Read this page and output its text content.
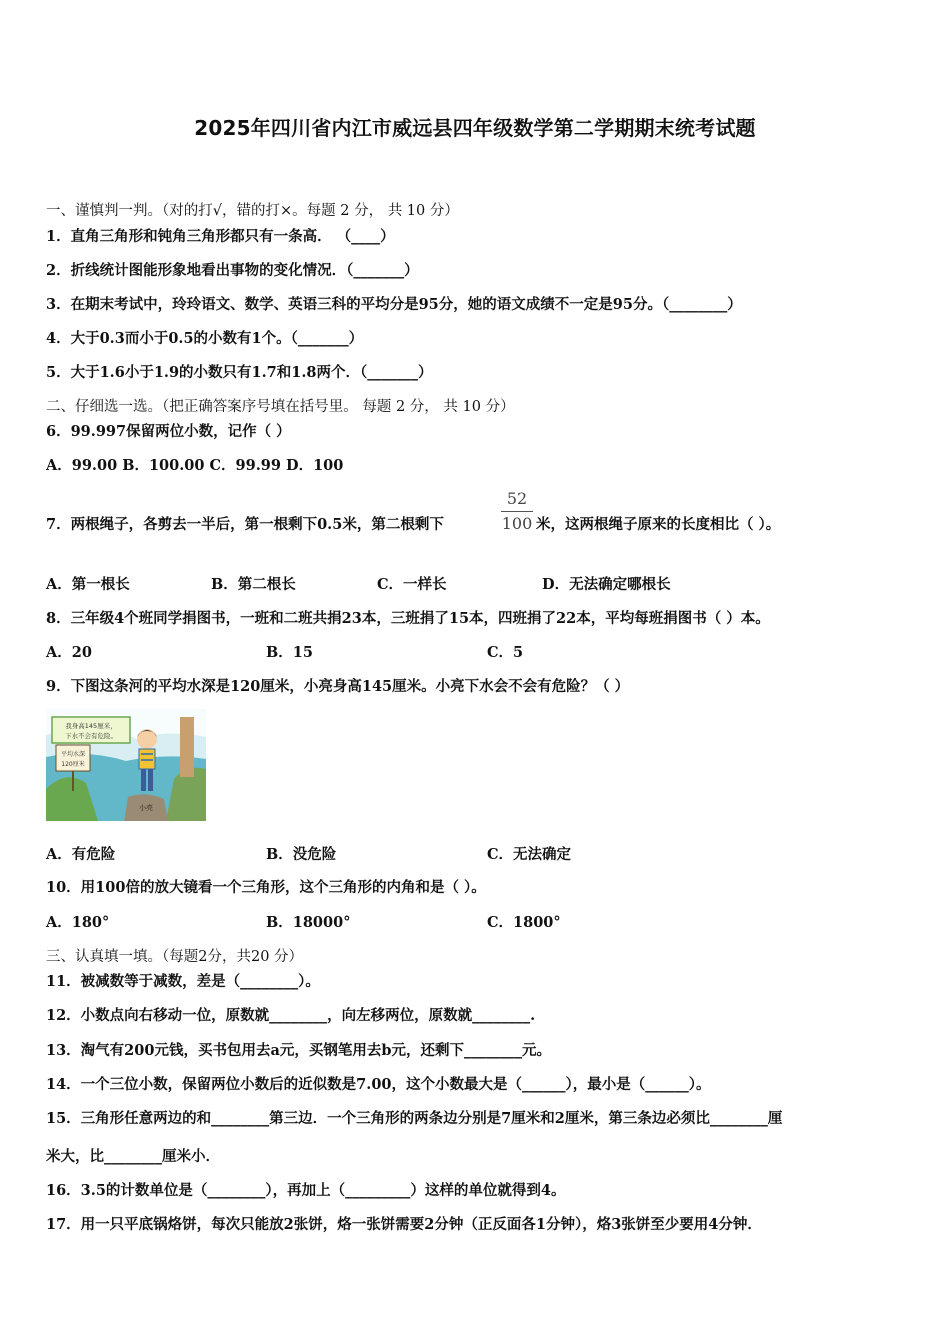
2025年四川省内江市威远县四年级数学第二学期期末统考试题
一、谨慎判一判。（对的打√，错的打×。每题 2 分， 共 10 分）
1．直角三角形和钝角三角形都只有一条高． （____）
2．折线统计图能形象地看出事物的变化情况．（_______）
3．在期末考试中，玲玲语文、数学、英语三科的平均分是95分，她的语文成绩不一定是95分。（________）
4．大于0.3而小于0.5的小数有1个。（_______）
5．大于1.6小于1.9的小数只有1.7和1.8两个．（_______）
二、仔细选一选。（把正确答案序号填在括号里。 每题 2 分， 共 10 分）
6．99.997保留两位小数，记作（ ）
A．99.00 B．100.00 C．99.99 D．100
7．两根绳子，各剪去一半后，第一根剩下0.5米，第二根剩下
52
100 米，这两根绳子原来的长度相比（ ）。
A．第一根长	B．第二根长	C．一样长	D．无法确定哪根长
8．三年级4个班同学捐图书，一班和二班共捐23本，三班捐了15本，四班捐了22本，平均每班捐图书（ ）本。
A．20	B．15	C．5
9．下图这条河的平均水深是120厘米，小亮身高145厘米。小亮下水会不会有危险？（ ）
我身高145厘米，
下水不会有危险。
平均水深
120厘米
小亮
A．有危险	B．没危险	C．无法确定
10．用100倍的放大镜看一个三角形，这个三角形的内角和是（ ）。
A．180°	B．18000°	C．1800°
三、认真填一填。（每题2分，共20 分）
11．被减数等于减数，差是（________）。
12．小数点向右移动一位，原数就________，向左移两位，原数就________.
13．淘气有200元钱，买书包用去a元，买钢笔用去b元，还剩下________元。
14．一个三位小数，保留两位小数后的近似数是7.00，这个小数最大是（______），最小是（______）。
15．三角形任意两边的和________第三边．一个三角形的两条边分别是7厘米和2厘米，第三条边必须比________厘
米大，比________厘米小．
16．3.5的计数单位是（________），再加上（_________）这样的单位就得到4。
17．用一只平底锅烙饼，每次只能放2张饼，烙一张饼需要2分钟（正反面各1分钟），烙3张饼至少要用4分钟．
